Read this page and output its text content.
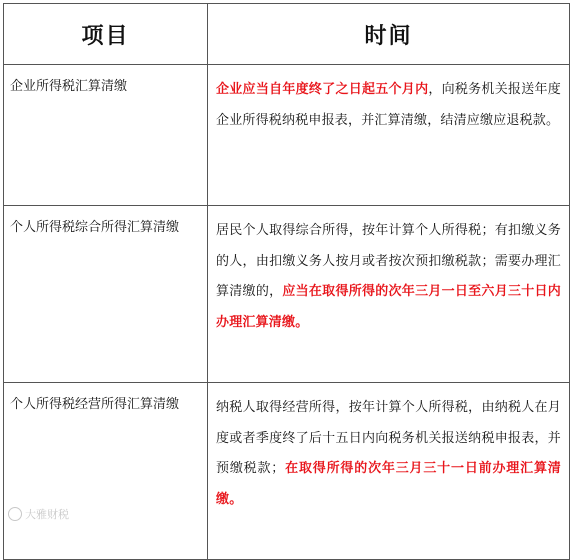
项目	时间
企业所得税汇算清缴	企业应当自年度终了之日起五个月内，向税务机关报送年度企业所得税纳税申报表，并汇算清缴，结清应缴应退税款。
个人所得税综合所得汇算清缴	居民个人取得综合所得，按年计算个人所得税；有扣缴义务的人，由扣缴义务人按月或者按次预扣缴税款；需要办理汇算清缴的，应当在取得所得的次年三月一日至六月三十日内办理汇算清缴。
个人所得税经营所得汇算清缴	纳税人取得经营所得，按年计算个人所得税，由纳税人在月度或者季度终了后十五日内向税务机关报送纳税申报表，并预缴税款；在取得所得的次年三月三十一日前办理汇算清缴。
大雅财税
